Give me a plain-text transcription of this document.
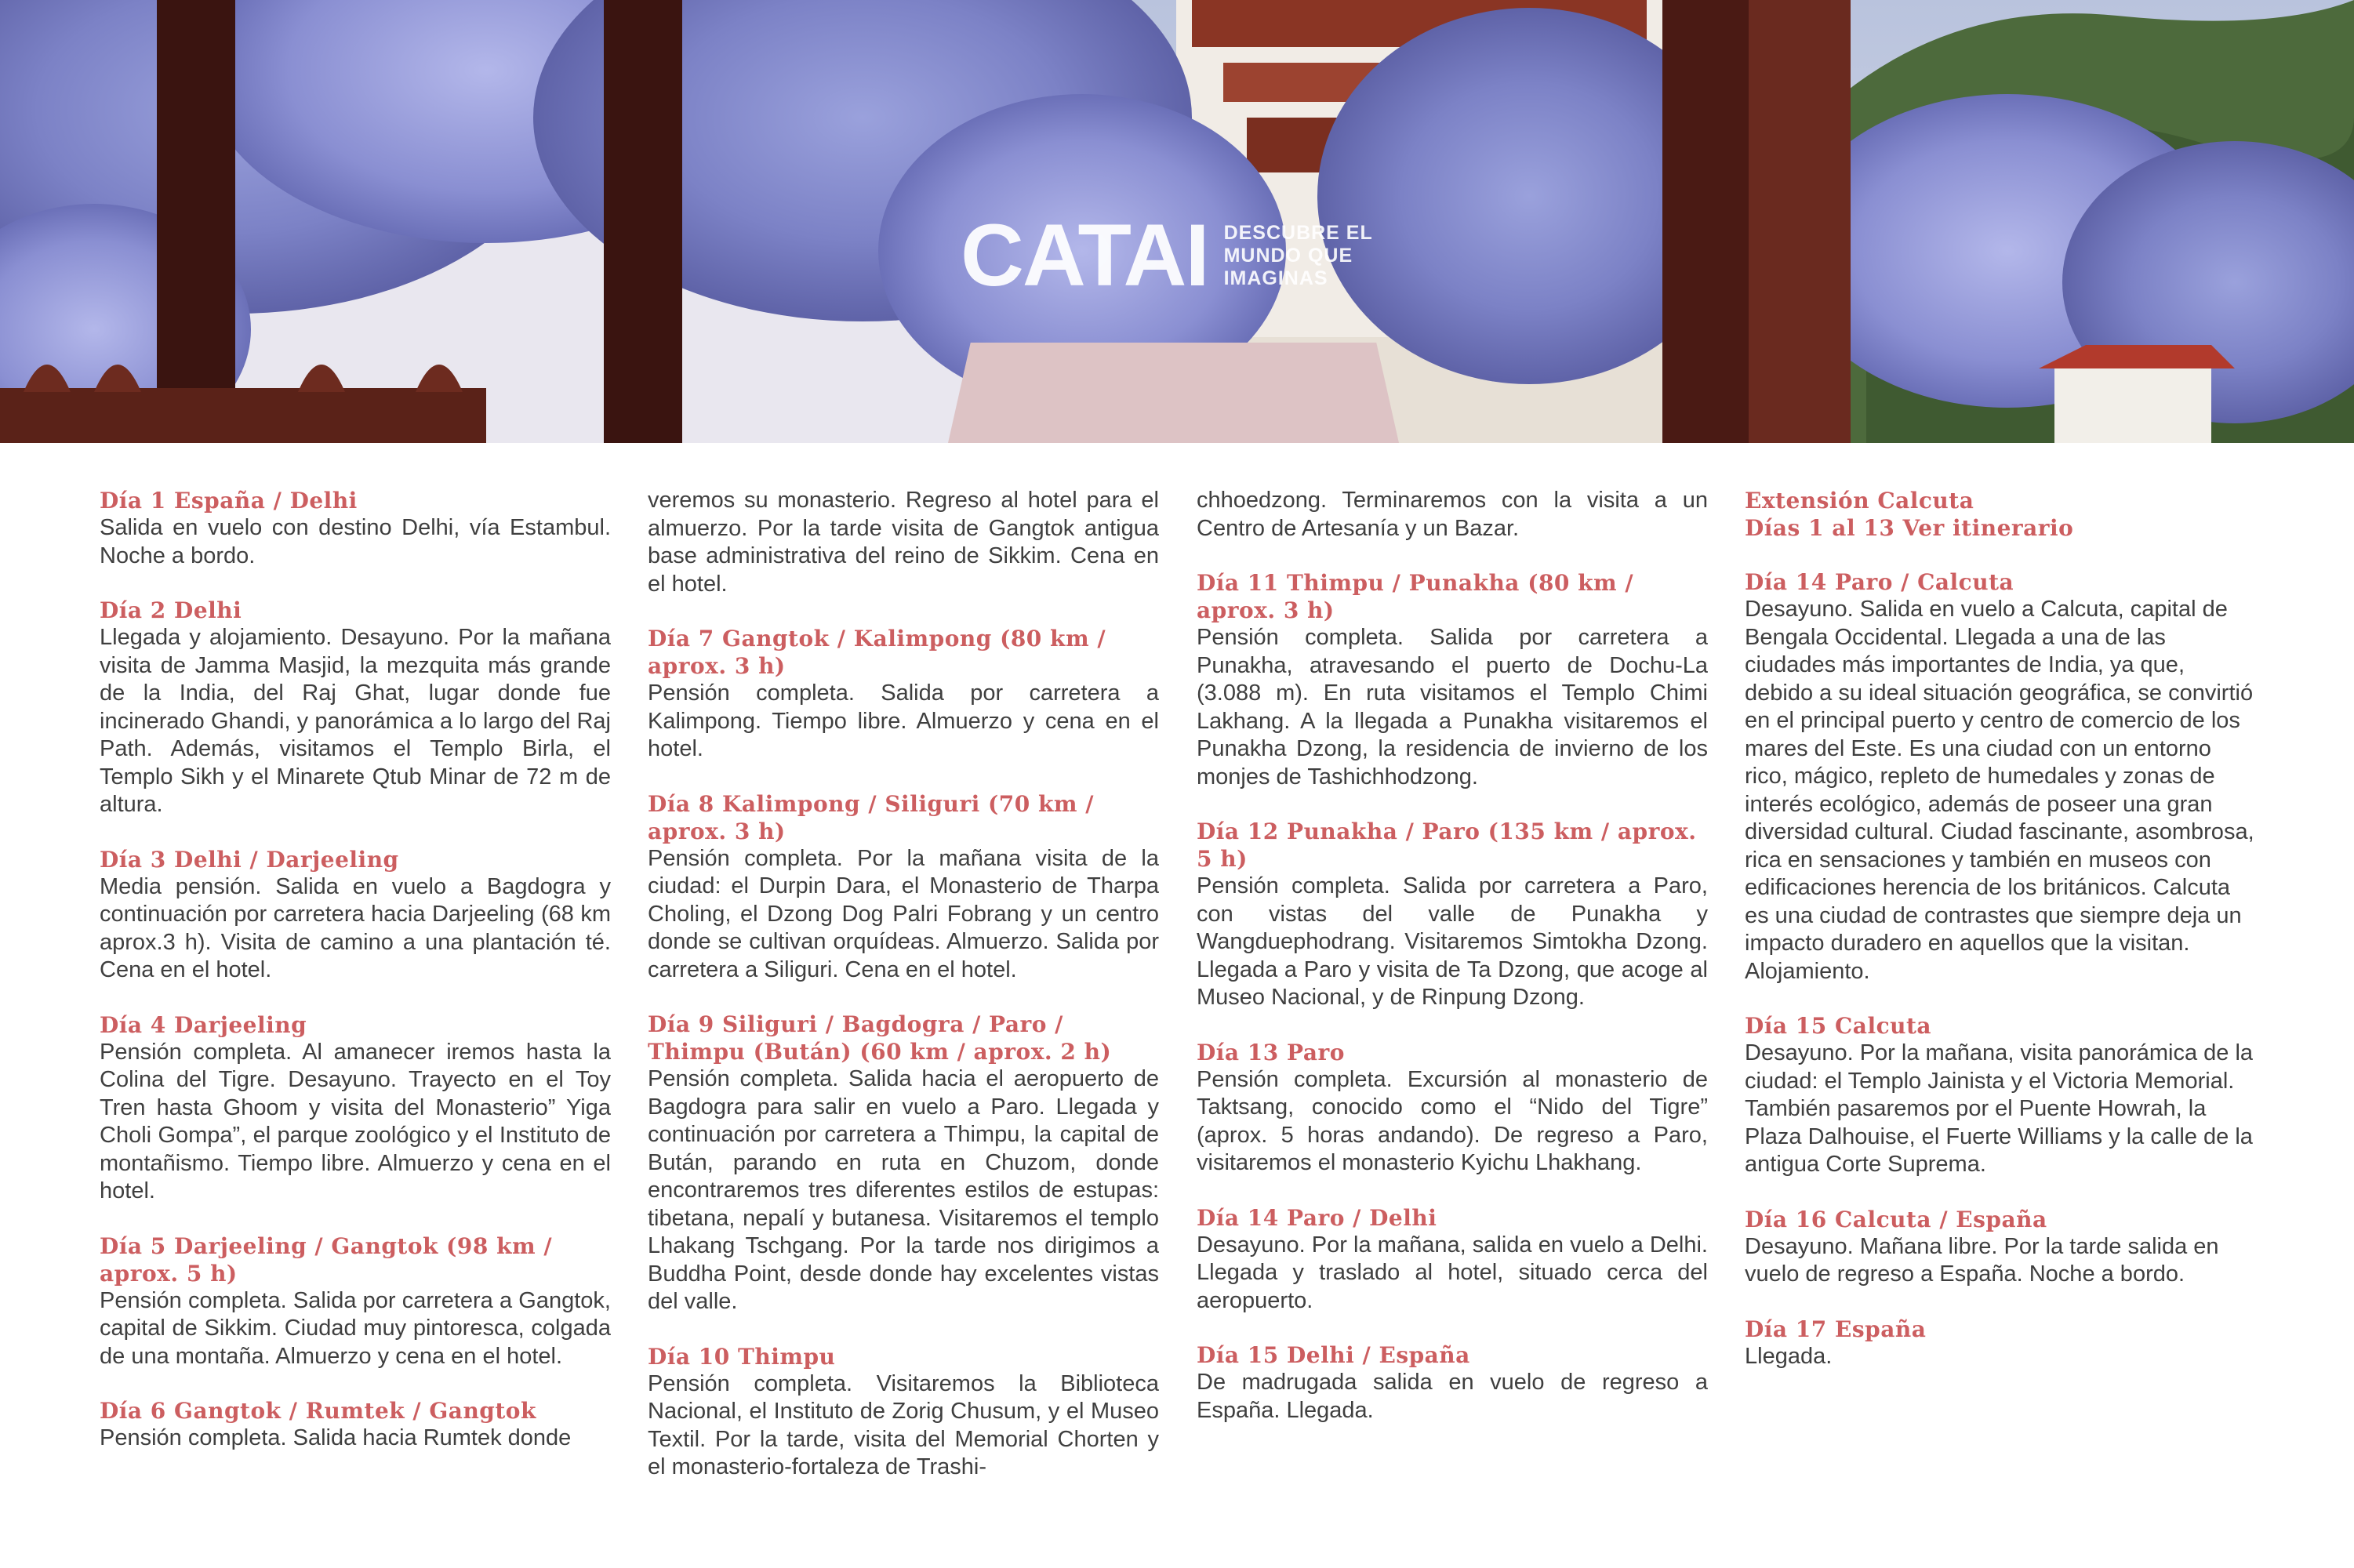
CATAI DESCUBRE EL
MUNDO QUE
IMAGINAS
Día 1 España / Delhi

Salida en vuelo con destino Delhi, vía Estambul. Noche a bordo.

Día 2 Delhi

Llegada y alojamiento. Desayuno. Por la mañana visita de Jamma Masjid, la mezquita más grande de la India, del Raj Ghat, lugar donde fue incinerado Ghandi, y panorámica a lo largo del Raj Path. Además, visitamos el Templo Birla, el Templo Sikh y el Minarete Qtub Minar de 72 m de altura.

Día 3 Delhi / Darjeeling

Media pensión. Salida en vuelo a Bagdogra y continuación por carretera hacia Darjeeling (68 km aprox.3 h). Visita de camino a una plantación té. Cena en el hotel.

Día 4 Darjeeling

Pensión completa. Al amanecer iremos hasta la Colina del Tigre. Desayuno. Trayecto en el Toy Tren hasta Ghoom y visita del Monasterio” Yiga Choli Gompa”, el parque zoológico y el Instituto de montañismo. Tiempo libre. Almuerzo y cena en el hotel.

Día 5 Darjeeling / Gangtok (98 km / aprox. 5 h)

Pensión completa. Salida por carretera a Gangtok, capital de Sikkim. Ciudad muy pintoresca, colgada de una montaña. Almuerzo y cena en el hotel.

Día 6 Gangtok / Rumtek / Gangtok

Pensión completa. Salida hacia Rumtek donde

veremos su monasterio. Regreso al hotel para el almuerzo. Por la tarde visita de Gangtok antigua base administrativa del reino de Sikkim. Cena en el hotel.

Día 7 Gangtok / Kalimpong (80 km / aprox. 3 h)

Pensión completa. Salida por carretera a Kalimpong. Tiempo libre. Almuerzo y cena en el hotel.

Día 8 Kalimpong / Siliguri (70 km / aprox. 3 h)

Pensión completa. Por la mañana visita de la ciudad: el Durpin Dara, el Monasterio de Tharpa Choling, el Dzong Dog Palri Fobrang y un centro donde se cultivan orquídeas. Almuerzo. Salida por carretera a Siliguri. Cena en el hotel.

Día 9 Siliguri / Bagdogra / Paro / Thimpu (Bután) (60 km / aprox. 2 h)

Pensión completa. Salida hacia el aeropuerto de Bagdogra para salir en vuelo a Paro. Llegada y continuación por carretera a Thimpu, la capital de Bután, parando en ruta en Chuzom, donde encontraremos tres diferentes estilos de estupas: tibetana, nepalí y butanesa. Visitaremos el templo Lhakang Tschgang. Por la tarde nos dirigimos a Buddha Point, desde donde hay excelentes vistas del valle.

Día 10 Thimpu

Pensión completa. Visitaremos la Biblioteca Nacional, el Instituto de Zorig Chusum, y el Museo Textil. Por la tarde, visita del Memorial Chorten y el monasterio-fortaleza de Trashi-

chhoedzong. Terminaremos con la visita a un Centro de Artesanía y un Bazar.

Día 11 Thimpu / Punakha (80 km / aprox. 3 h)

Pensión completa. Salida por carretera a Punakha, atravesando el puerto de Dochu-La (3.088 m). En ruta visitamos el Templo Chimi Lakhang. A la llegada a Punakha visitaremos el Punakha Dzong, la residencia de invierno de los monjes de Tashichhodzong.

Día 12 Punakha / Paro (135 km / aprox. 5 h)

Pensión completa. Salida por carretera a Paro, con vistas del valle de Punakha y Wangduephodrang. Visitaremos Simtokha Dzong. Llegada a Paro y visita de Ta Dzong, que acoge al Museo Nacional, y de Rinpung Dzong.

Día 13 Paro

Pensión completa. Excursión al monasterio de Taktsang, conocido como el “Nido del Tigre” (aprox. 5 horas andando). De regreso a Paro, visitaremos el monasterio Kyichu Lhakhang.

Día 14 Paro / Delhi

Desayuno. Por la mañana, salida en vuelo a Delhi. Llegada y traslado al hotel, situado cerca del aeropuerto.

Día 15 Delhi / España

De madrugada salida en vuelo de regreso a España. Llegada.

Extensión Calcuta
Días 1 al 13 Ver itinerario
Día 14 Paro / Calcuta

Desayuno. Salida en vuelo a Calcuta, capital de Bengala Occidental. Llegada a una de las ciudades más importantes de India, ya que, debido a su ideal situación geográfica, se convirtió en el principal puerto y centro de comercio de los mares del Este. Es una ciudad con un entorno rico, mágico, repleto de humedales y zonas de interés ecológico, además de poseer una gran diversidad cultural. Ciudad fascinante, asombrosa, rica en sensaciones y también en museos con edificaciones herencia de los británicos. Calcuta es una ciudad de contrastes que siempre deja un impacto duradero en aquellos que la visitan. Alojamiento.

Día 15 Calcuta

Desayuno. Por la mañana, visita panorámica de la ciudad: el Templo Jainista y el Victoria Memorial. También pasaremos por el Puente Howrah, la Plaza Dalhouise, el Fuerte Williams y la calle de la antigua Corte Suprema.

Día 16 Calcuta / España

Desayuno. Mañana libre. Por la tarde salida en vuelo de regreso a España. Noche a bordo.

Día 17 España

Llegada.
